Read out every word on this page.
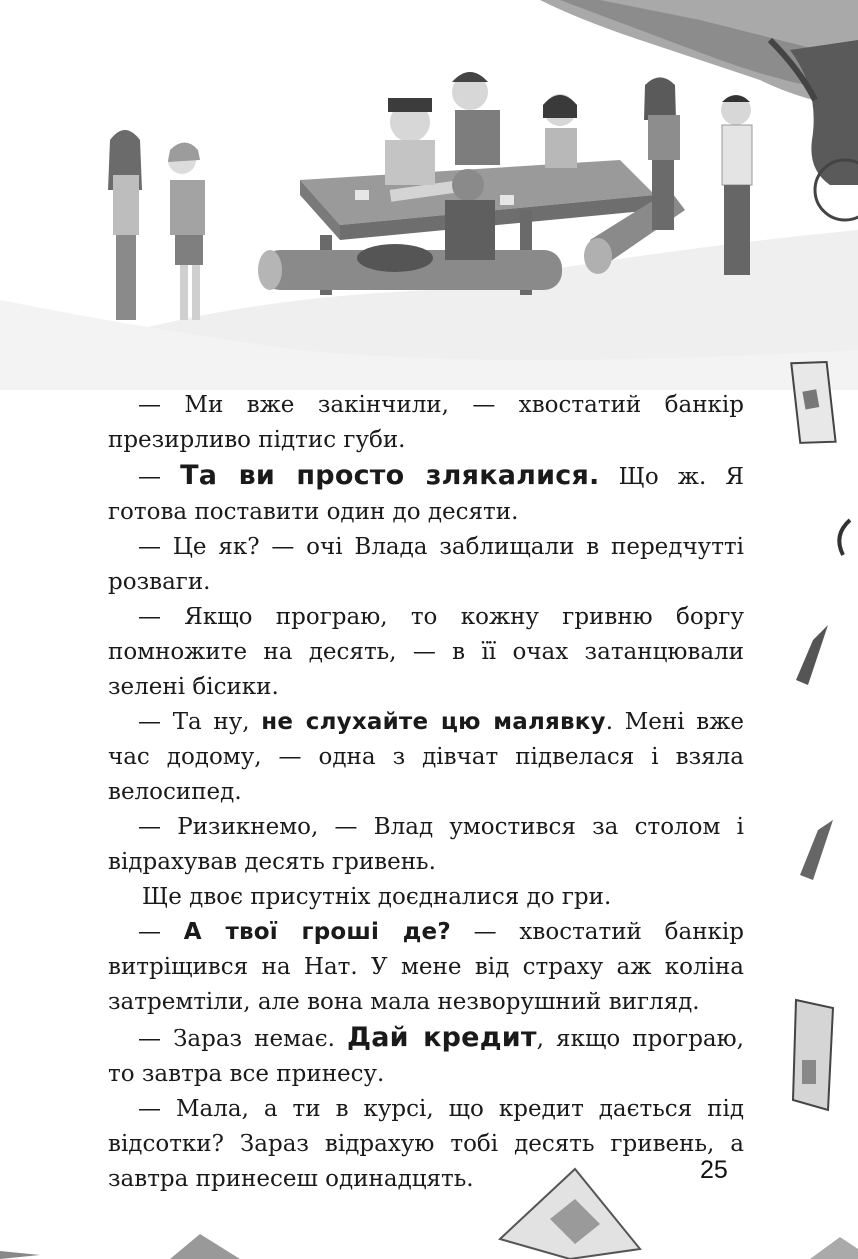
— Ми вже закінчили, — хвостатий банкір презирливо підтис губи.

— Та ви просто злякалися. Що ж. Я готова поставити один до десяти.

— Це як? — очі Влада заблищали в передчутті розваги.

— Якщо програю, то кожну гривню боргу помножите на десять, — в її очах затанцювали зелені бісики.

— Та ну, не слухайте цю малявку. Мені вже час додому, — одна з дівчат підвелася і взяла велосипед.

— Ризикнемо, — Влад умостився за столом і відрахував десять гривень.

Ще двоє присутніх доєдналися до гри.

— А твої гроші де? — хвостатий банкір витріщився на Нат. У мене від страху аж коліна затремтіли, але вона мала незворушний вигляд.

— Зараз немає. Дай кредит, якщо програю, то завтра все принесу.

— Мала, а ти в курсі, що кредит дається під відсотки? Зараз відрахую тобі десять гривень, а завтра принесеш одинадцять.	25
